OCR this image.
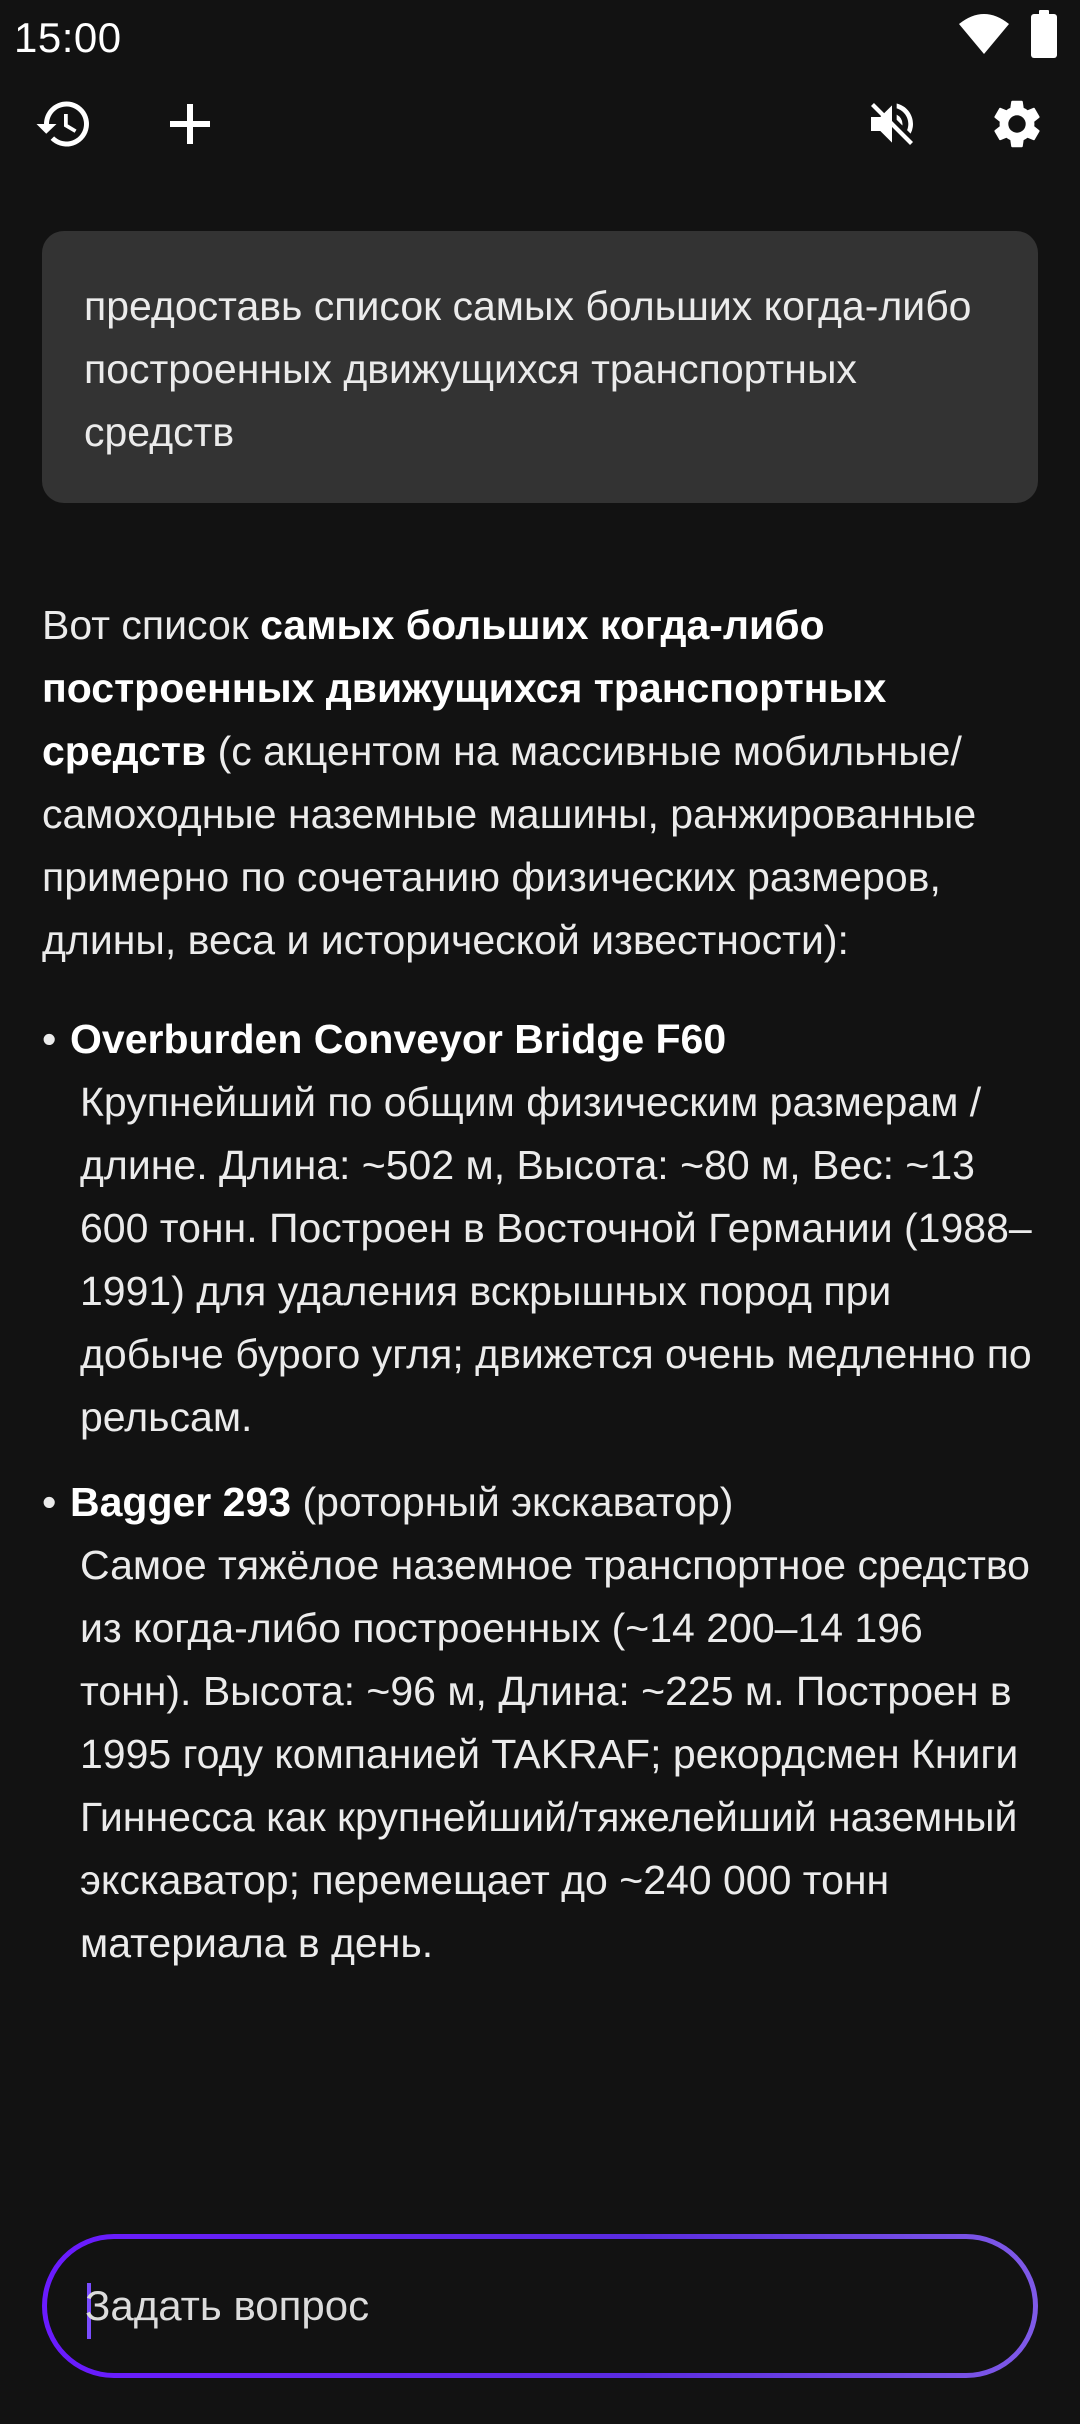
15:00
предоставь список самых больших когда-либо построенных движущихся транспортных средств

Вот список самых больших когда-либо построенных движущихся транспортных средств (с акцентом на массивные мобильные/самоходные наземные машины, ранжированные примерно по сочетанию физических размеров, длины, веса и исторической известности):

• Overburden Conveyor Bridge F60
Крупнейший по общим физическим размерам / длине. Длина: ~502 м, Высота: ~80 м, Вес: ~13 600 тонн. Построен в Восточной Германии (1988–1991) для удаления вскрышных пород при добыче бурого угля; движется очень медленно по рельсам.
• Bagger 293 (роторный экскаватор)
Самое тяжёлое наземное транспортное средство из когда-либо построенных (~14 200–14 196 тонн). Высота: ~96 м, Длина: ~225 м. Построен в 1995 году компанией TAKRAF; рекордсмен Книги Гиннесса как крупнейший/тяжелейший наземный экскаватор; перемещает до ~240 000 тонн материала в день.
Задать вопрос
